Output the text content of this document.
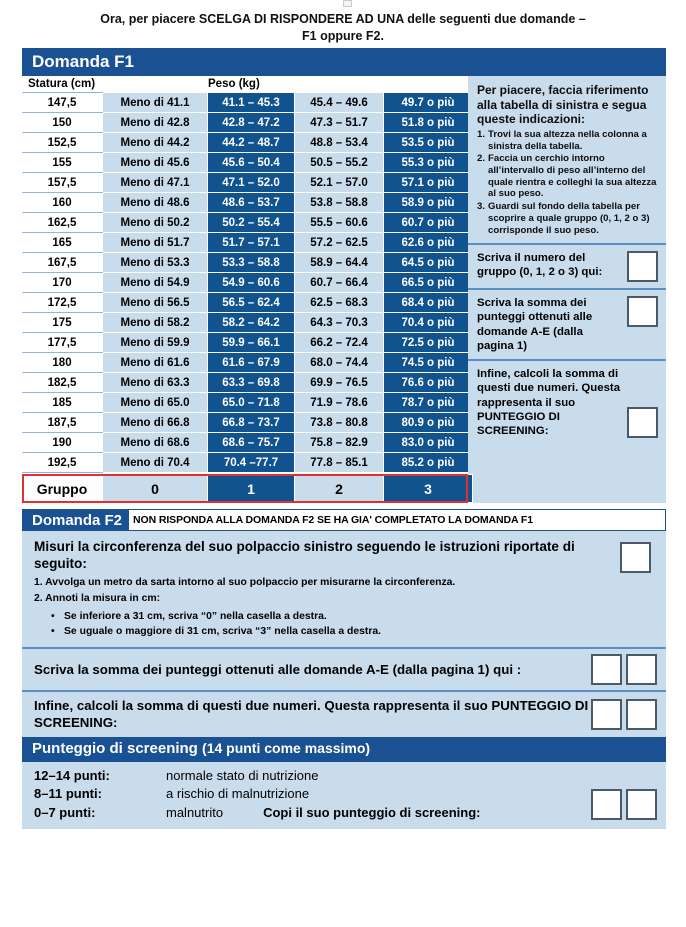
Ora, per piacere SCELGA DI RISPONDERE AD UNA delle seguenti due domande –
F1 oppure F2.
Domanda F1
Statura (cm)	Peso (kg)
147,5	Meno di 41.1	41.1 – 45.3	45.4 – 49.6	49.7 o più
150	Meno di 42.8	42.8 – 47.2	47.3 – 51.7	51.8 o più
152,5	Meno di 44.2	44.2 – 48.7	48.8 – 53.4	53.5 o più
155	Meno di 45.6	45.6 – 50.4	50.5 – 55.2	55.3 o più
157,5	Meno di 47.1	47.1 – 52.0	52.1 – 57.0	57.1 o più
160	Meno di 48.6	48.6 – 53.7	53.8 – 58.8	58.9 o più
162,5	Meno di 50.2	50.2 – 55.4	55.5 – 60.6	60.7 o più
165	Meno di 51.7	51.7 – 57.1	57.2 – 62.5	62.6 o più
167,5	Meno di 53.3	53.3 – 58.8	58.9 – 64.4	64.5 o più
170	Meno di 54.9	54.9 – 60.6	60.7 – 66.4	66.5 o più
172,5	Meno di 56.5	56.5 – 62.4	62.5 – 68.3	68.4 o più
175	Meno di 58.2	58.2 – 64.2	64.3 – 70.3	70.4 o più
177,5	Meno di 59.9	59.9 – 66.1	66.2 – 72.4	72.5 o più
180	Meno di 61.6	61.6 – 67.9	68.0 – 74.4	74.5 o più
182,5	Meno di 63.3	63.3 – 69.8	69.9 – 76.5	76.6 o più
185	Meno di 65.0	65.0 – 71.8	71.9 – 78.6	78.7 o più
187,5	Meno di 66.8	66.8 – 73.7	73.8 – 80.8	80.9 o più
190	Meno di 68.6	68.6 – 75.7	75.8 – 82.9	83.0 o più
192,5	Meno di 70.4	70.4 –77.7	77.8 – 85.1	85.2 o più
Gruppo	0	1	2	3
Per piacere, faccia riferimento alla tabella di sinistra e segua queste indicazioni:
1. Trovi la sua altezza nella colonna a sinistra della tabella.
2. Faccia un cerchio intorno all’intervallo di peso all’interno del quale rientra e colleghi la sua altezza al suo peso.
3. Guardi sul fondo della tabella per scoprire a quale gruppo (0, 1, 2 o 3) corrisponde il suo peso.
Scriva il numero del gruppo (0, 1, 2 o 3) qui:
Scriva la somma dei punteggi ottenuti alle domande A-E (dalla pagina 1)
Infine, calcoli la somma di questi due numeri. Questa rappresenta il suo PUNTEGGIO DI SCREENING:
Domanda F2	NON RISPONDA ALLA DOMANDA F2 SE HA GIA' COMPLETATO LA DOMANDA F1
Misuri la circonferenza del suo polpaccio sinistro seguendo le istruzioni riportate di seguito:
1. Avvolga un metro da sarta intorno al suo polpaccio per misurarne la circonferenza.
2. Annoti la misura in cm:
• Se inferiore a 31 cm, scriva “0” nella casella a destra.
• Se uguale o maggiore di 31 cm, scriva “3” nella casella a destra.
Scriva la somma dei punteggi ottenuti alle domande A-E (dalla pagina 1) qui :
Infine, calcoli la somma di questi due numeri. Questa rappresenta il suo PUNTEGGIO DI SCREENING:
Punteggio di screening (14 punti come massimo)
12–14 punti:	normale stato di nutrizione
8–11 punti:	a rischio di malnutrizione
0–7 punti:	malnutrito	Copi il suo punteggio di screening:
